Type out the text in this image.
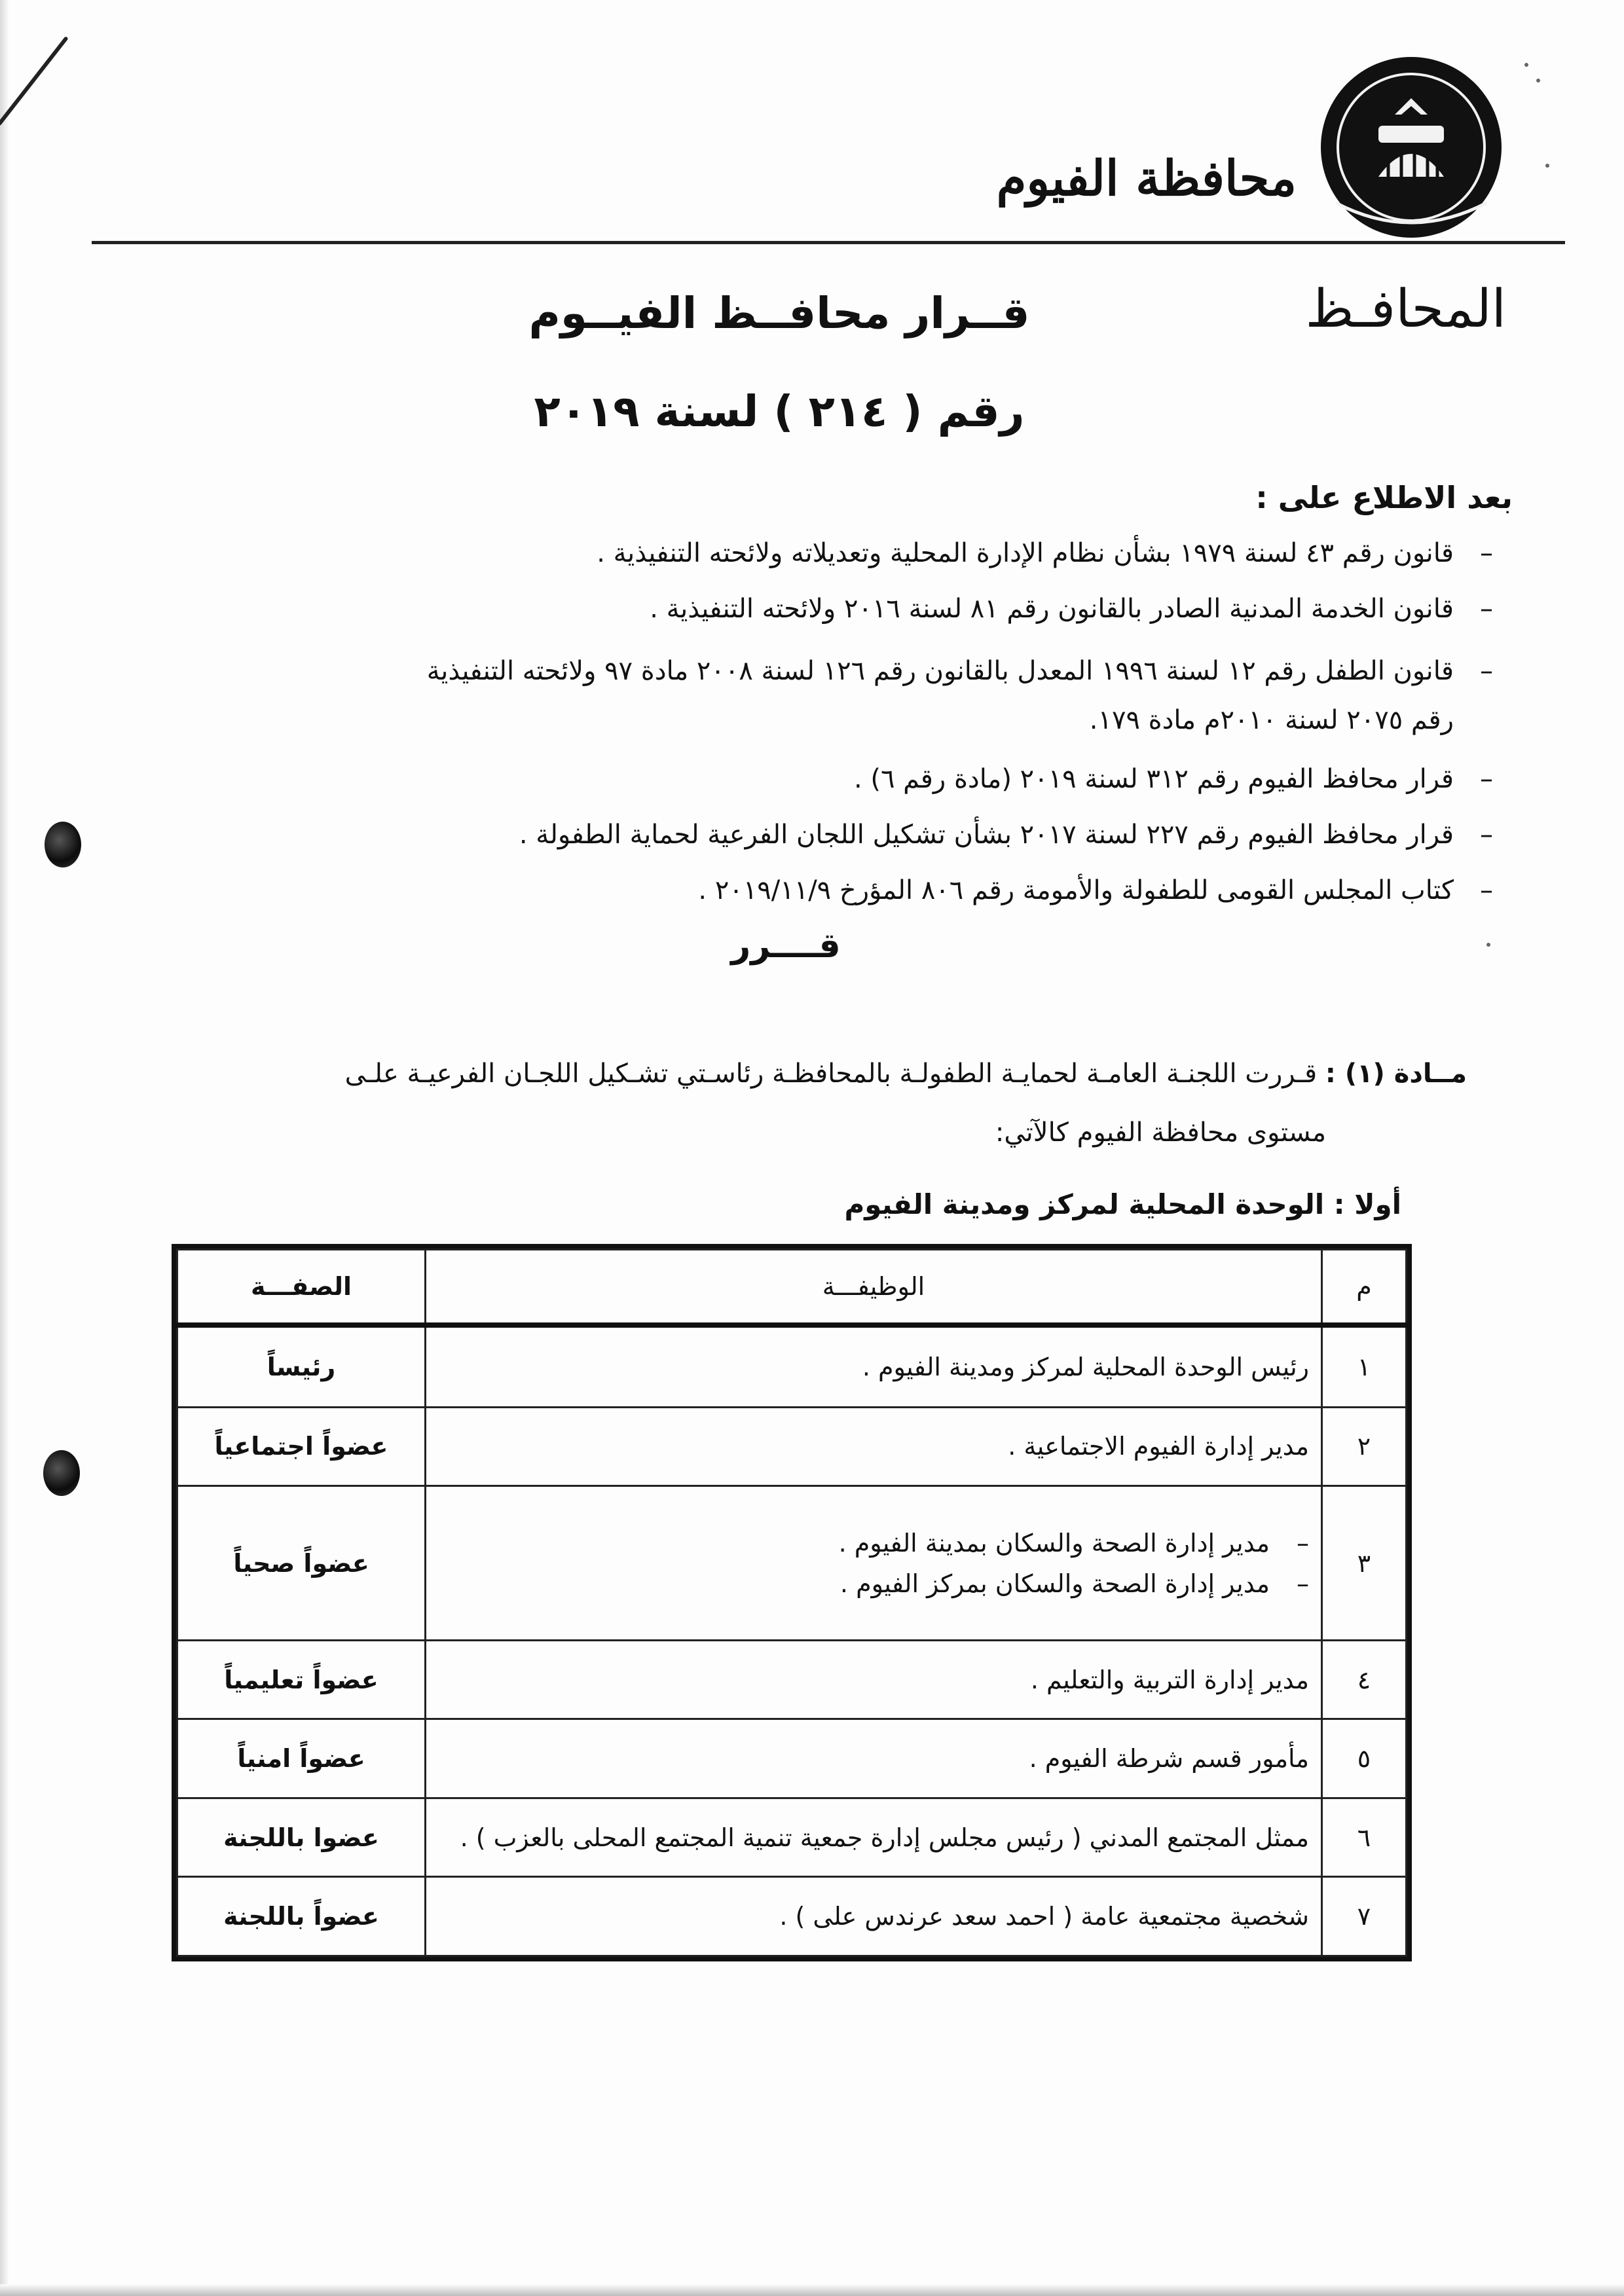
محافظة الفيوم
المحافـظ
قــرار محافــظ الفيــوم
رقم ( ٢١٤ ) لسنة ٢٠١٩
بعد الاطلاع على :
–قانون رقم ٤٣ لسنة ١٩٧٩ بشأن نظام الإدارة المحلية وتعديلاته ولائحته التنفيذية .
–قانون الخدمة المدنية الصادر بالقانون رقم ٨١ لسنة ٢٠١٦ ولائحته التنفيذية .
–قانون الطفل رقم ١٢ لسنة ١٩٩٦ المعدل بالقانون رقم ١٢٦ لسنة ٢٠٠٨ مادة ٩٧ ولائحته التنفيذية
رقم ٢٠٧٥ لسنة ٢٠١٠م مادة ١٧٩.
–قرار محافظ الفيوم رقم ٣١٢ لسنة ٢٠١٩ (مادة رقم ٦) .
–قرار محافظ الفيوم رقم ٢٢٧ لسنة ٢٠١٧ بشأن تشكيل اللجان الفرعية لحماية الطفولة .
–كتاب المجلس القومى للطفولة والأمومة رقم ٨٠٦ المؤرخ ٢٠١٩/١١/٩ .
قــــرر
مــادة (١) : قـررت اللجنـة العامـة لحمايـة الطفولـة بالمحافظـة رئاسـتي تشـكيل اللجـان الفرعيـة علـى
مستوى محافظة الفيوم كالآتي:
أولا : الوحدة المحلية لمركز ومدينة الفيوم
م	الوظيفـــة	الصفـــة
١	رئيس الوحدة المحلية لمركز ومدينة الفيوم .	رئيساً
٢	مدير إدارة الفيوم الاجتماعية .	عضواً اجتماعياً
٣	–مدير إدارة الصحة والسكان بمدينة الفيوم .
–مدير إدارة الصحة والسكان بمركز الفيوم .	عضواً صحياً
٤	مدير إدارة التربية والتعليم .	عضواً تعليمياً
٥	مأمور قسم شرطة الفيوم .	عضواً امنياً
٦	ممثل المجتمع المدني ( رئيس مجلس إدارة جمعية تنمية المجتمع المحلى بالعزب ) .	عضوا باللجنة
٧	شخصية مجتمعية عامة ( احمد سعد عرندس على ) .	عضواً باللجنة
